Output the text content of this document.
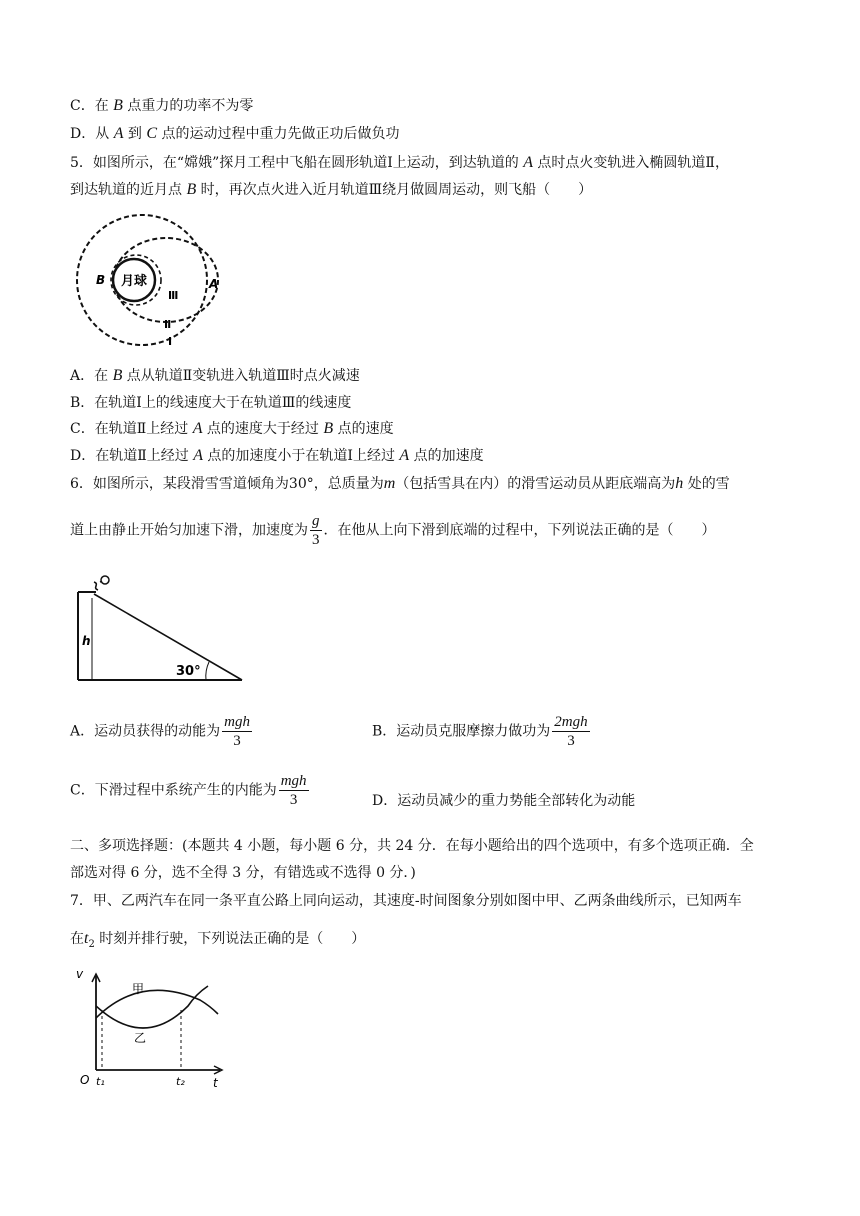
C．在 B 点重力的功率不为零
D．从 A 到 C 点的运动过程中重力先做正功后做负功
5．如图所示，在“嫦娥”探月工程中飞船在圆形轨道Ⅰ上运动，到达轨道的 A 点时点火变轨进入椭圆轨道Ⅱ，
到达轨道的近月点 B 时，再次点火进入近月轨道Ⅲ绕月做圆周运动，则飞船（　　）
月球
B	A
Ⅲ
Ⅱ
Ⅰ
A．在 B 点从轨道Ⅱ变轨进入轨道Ⅲ时点火减速
B．在轨道Ⅰ上的线速度大于在轨道Ⅲ的线速度
C．在轨道Ⅱ上经过 A 点的速度大于经过 B 点的速度
D．在轨道Ⅱ上经过 A 点的加速度小于在轨道Ⅰ上经过 A 点的加速度
6．如图所示，某段滑雪雪道倾角为30°，总质量为m（包括雪具在内）的滑雪运动员从距底端高为h 处的雪
道上由静止开始匀加速下滑，加速度为 $\frac{g}{3}$ ．在他从上向下滑到底端的过程中，下列说法正确的是（　　）
h
30°
A．运动员获得的动能为 $\frac{\text{mgh}}{3}$	B．运动员克服摩擦力做功为 $\frac{\text{2mgh}}{3}$
C．下滑过程中系统产生的内能为 $\frac{\text{mgh}}{3}$	D．运动员减少的重力势能全部转化为动能
二、多项选择题：(本题共 4 小题，每小题 6 分，共 24 分．在每小题给出的四个选项中，有多个选项正确．全
部选对得 6 分，选不全得 3 分，有错选或不选得 0 分．)
7．甲、乙两汽车在同一条平直公路上同向运动，其速度-时间图象分别如图中甲、乙两条曲线所示，已知两车
在$t_2$ 时刻并排行驶，下列说法正确的是（　　）
v
t
O t₁	t₂
甲
乙
